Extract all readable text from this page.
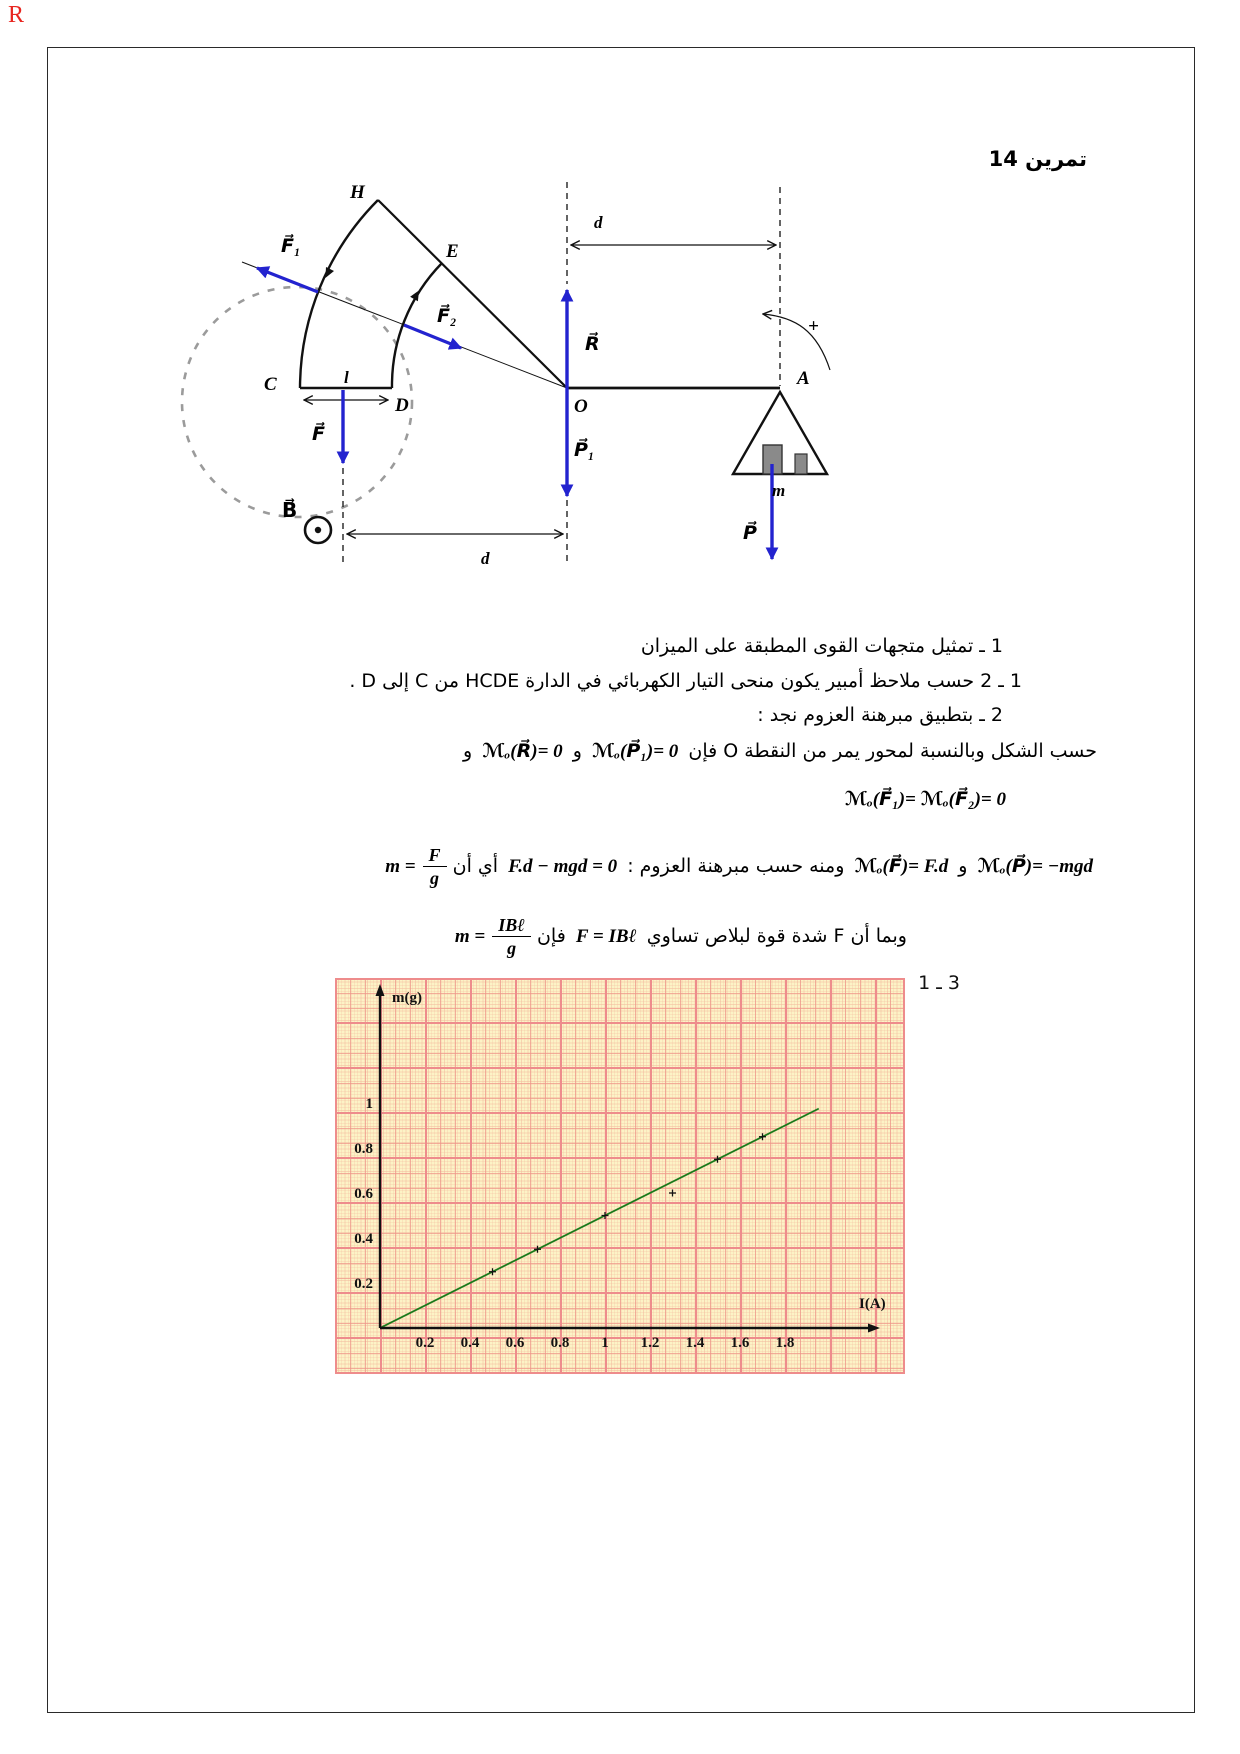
R
تمرين 14
H
E
C
D	O
A
m
l
d
d
+
F⃗₁
F⃗₂
F⃗
R⃗
P⃗₁
P⃗
B⃗
1 ـ تمثيل متجهات القوى المطبقة على الميزان
1 ـ 2 حسب ملاحظ أمبير يكون منحى التيار الكهربائي في الدارة HCDE من C إلى D .
2 ـ بتطبيق مبرهنة العزوم نجد :
حسب الشكل وبالنسبة لمحور يمر من النقطة O فإن ℳₒ(P⃗₁)= 0 و ℳₒ(R⃗)= 0 و
ℳₒ(F⃗₁)= ℳₒ(F⃗₂)= 0
ℳₒ(P⃗)= −mgd و ℳₒ(F⃗)= F.d ومنه حسب مبرهنة العزوم : F.d − mgd = 0 أي أن
$m = \frac{F}{g}$
وبما أن F شدة قوة لبلاص تساوي F = IBℓ فإن
$m = \frac{\text{IBℓ}}{g}$
3 ـ 1
0.2
0.4
0.6
0.8
1
0.2 0.4 0.6 0.8 1 1.2 1.4 1.6 1.8
m(g)
I(A)
